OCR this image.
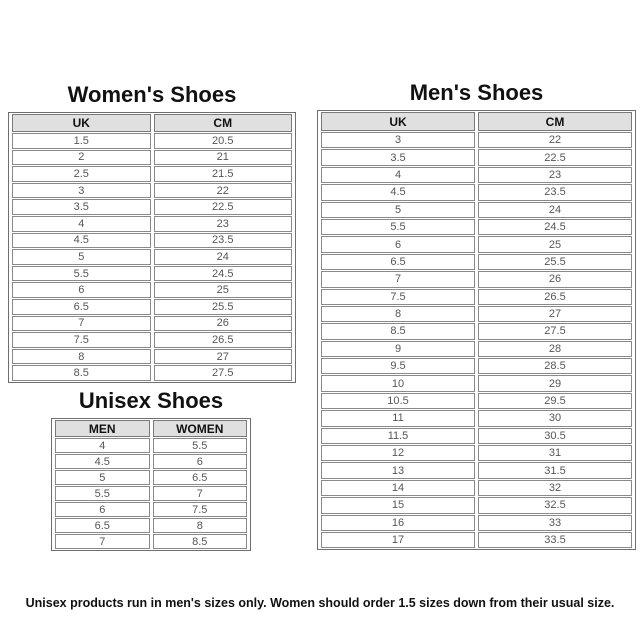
Women's Shoes
UK	CM
1.5	20.5
2	21
2.5	21.5
3	22
3.5	22.5
4	23
4.5	23.5
5	24
5.5	24.5
6	25
6.5	25.5
7	26
7.5	26.5
8	27
8.5	27.5
Unisex Shoes
MEN	WOMEN
4	5.5
4.5	6
5	6.5
5.5	7
6	7.5
6.5	8
7	8.5
Men's Shoes
UK	CM
3	22
3.5	22.5
4	23
4.5	23.5
5	24
5.5	24.5
6	25
6.5	25.5
7	26
7.5	26.5
8	27
8.5	27.5
9	28
9.5	28.5
10	29
10.5	29.5
11	30
11.5	30.5
12	31
13	31.5
14	32
15	32.5
16	33
17	33.5
Unisex products run in men's sizes only. Women should order 1.5 sizes down from their usual size.
